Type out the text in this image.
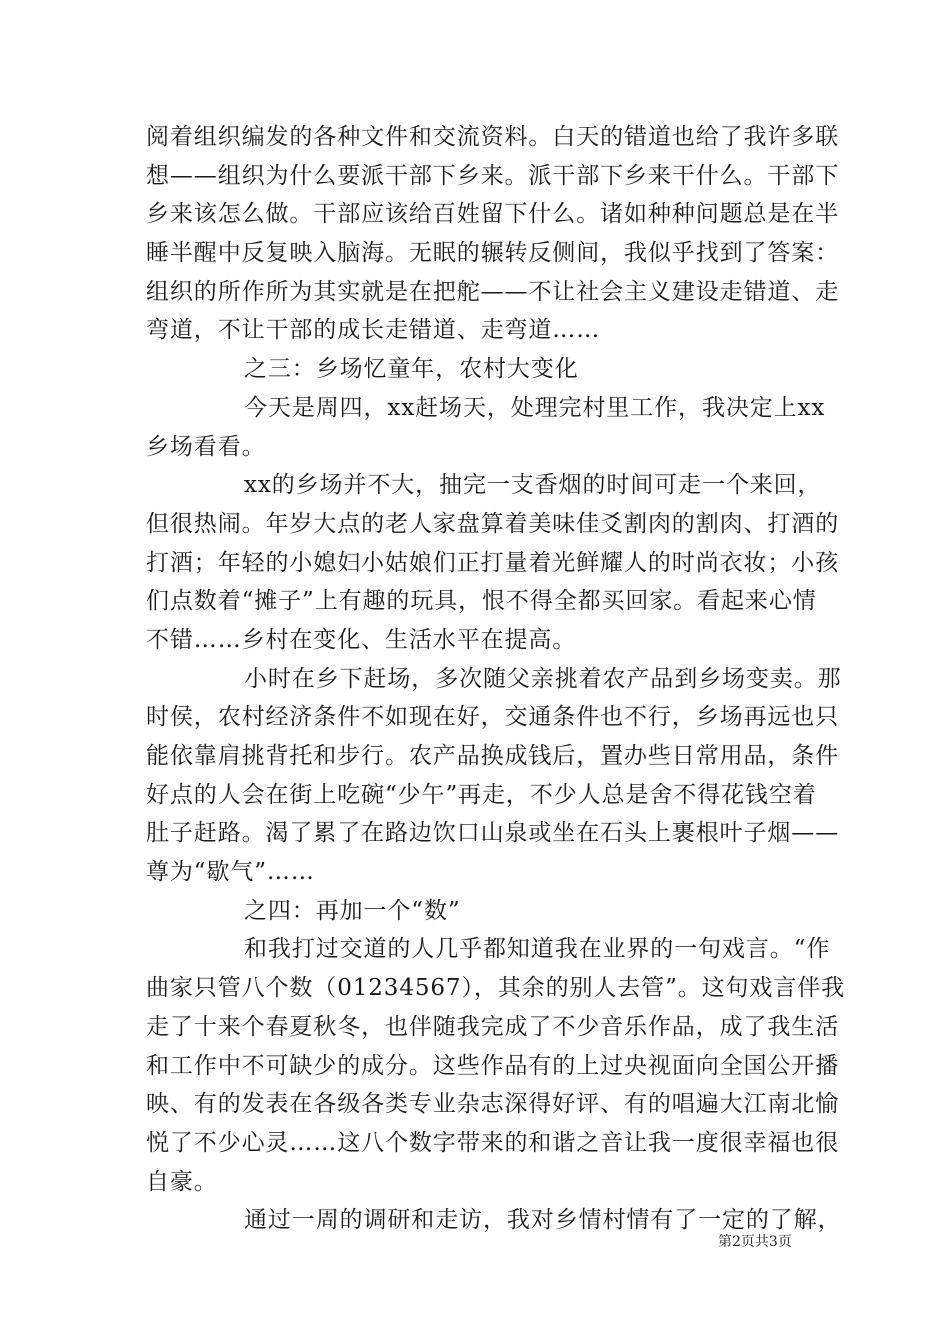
阅着组织编发的各种文件和交流资料。白天的错道也给了我许多联
想——组织为什么要派干部下乡来。派干部下乡来干什么。干部下
乡来该怎么做。干部应该给百姓留下什么。诸如种种问题总是在半
睡半醒中反复映入脑海。无眠的辗转反侧间，我似乎找到了答案：
组织的所作所为其实就是在把舵——不让社会主义建设走错道、走
弯道，不让干部的成长走错道、走弯道……
之三：乡场忆童年，农村大变化
今天是周四，xx赶场天，处理完村里工作，我决定上xx
乡场看看。
xx的乡场并不大，抽完一支香烟的时间可走一个来回，
但很热闹。年岁大点的老人家盘算着美味佳爻割肉的割肉、打酒的
打酒；年轻的小媳妇小姑娘们正打量着光鲜耀人的时尚衣妆；小孩
们点数着“摊子”上有趣的玩具，恨不得全都买回家。看起来心情
不错……乡村在变化、生活水平在提高。
小时在乡下赶场，多次随父亲挑着农产品到乡场变卖。那
时侯，农村经济条件不如现在好，交通条件也不行，乡场再远也只
能依靠肩挑背托和步行。农产品换成钱后，置办些日常用品，条件
好点的人会在街上吃碗“少午”再走，不少人总是舍不得花钱空着
肚子赶路。渴了累了在路边饮口山泉或坐在石头上裹根叶子烟——
尊为“歇气”……
之四：再加一个“数”
和我打过交道的人几乎都知道我在业界的一句戏言。“作
曲家只管八个数（01234567），其余的别人去管”。这句戏言伴我
走了十来个春夏秋冬，也伴随我完成了不少音乐作品，成了我生活
和工作中不可缺少的成分。这些作品有的上过央视面向全国公开播
映、有的发表在各级各类专业杂志深得好评、有的唱遍大江南北愉
悦了不少心灵……这八个数字带来的和谐之音让我一度很幸福也很
自豪。
通过一周的调研和走访，我对乡情村情有了一定的了解，
第2页共3页
